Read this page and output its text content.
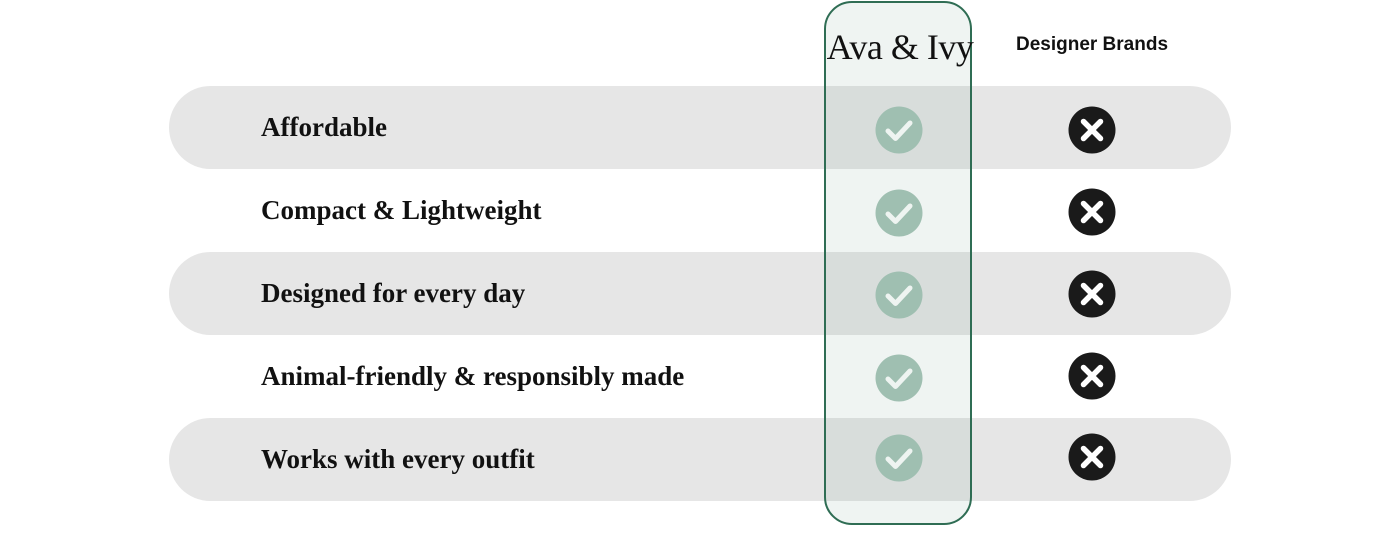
Affordable
Compact & Lightweight
Designed for every day
Animal-friendly & responsibly made
Works with every outfit
Ava & Ivy	Designer Brands
